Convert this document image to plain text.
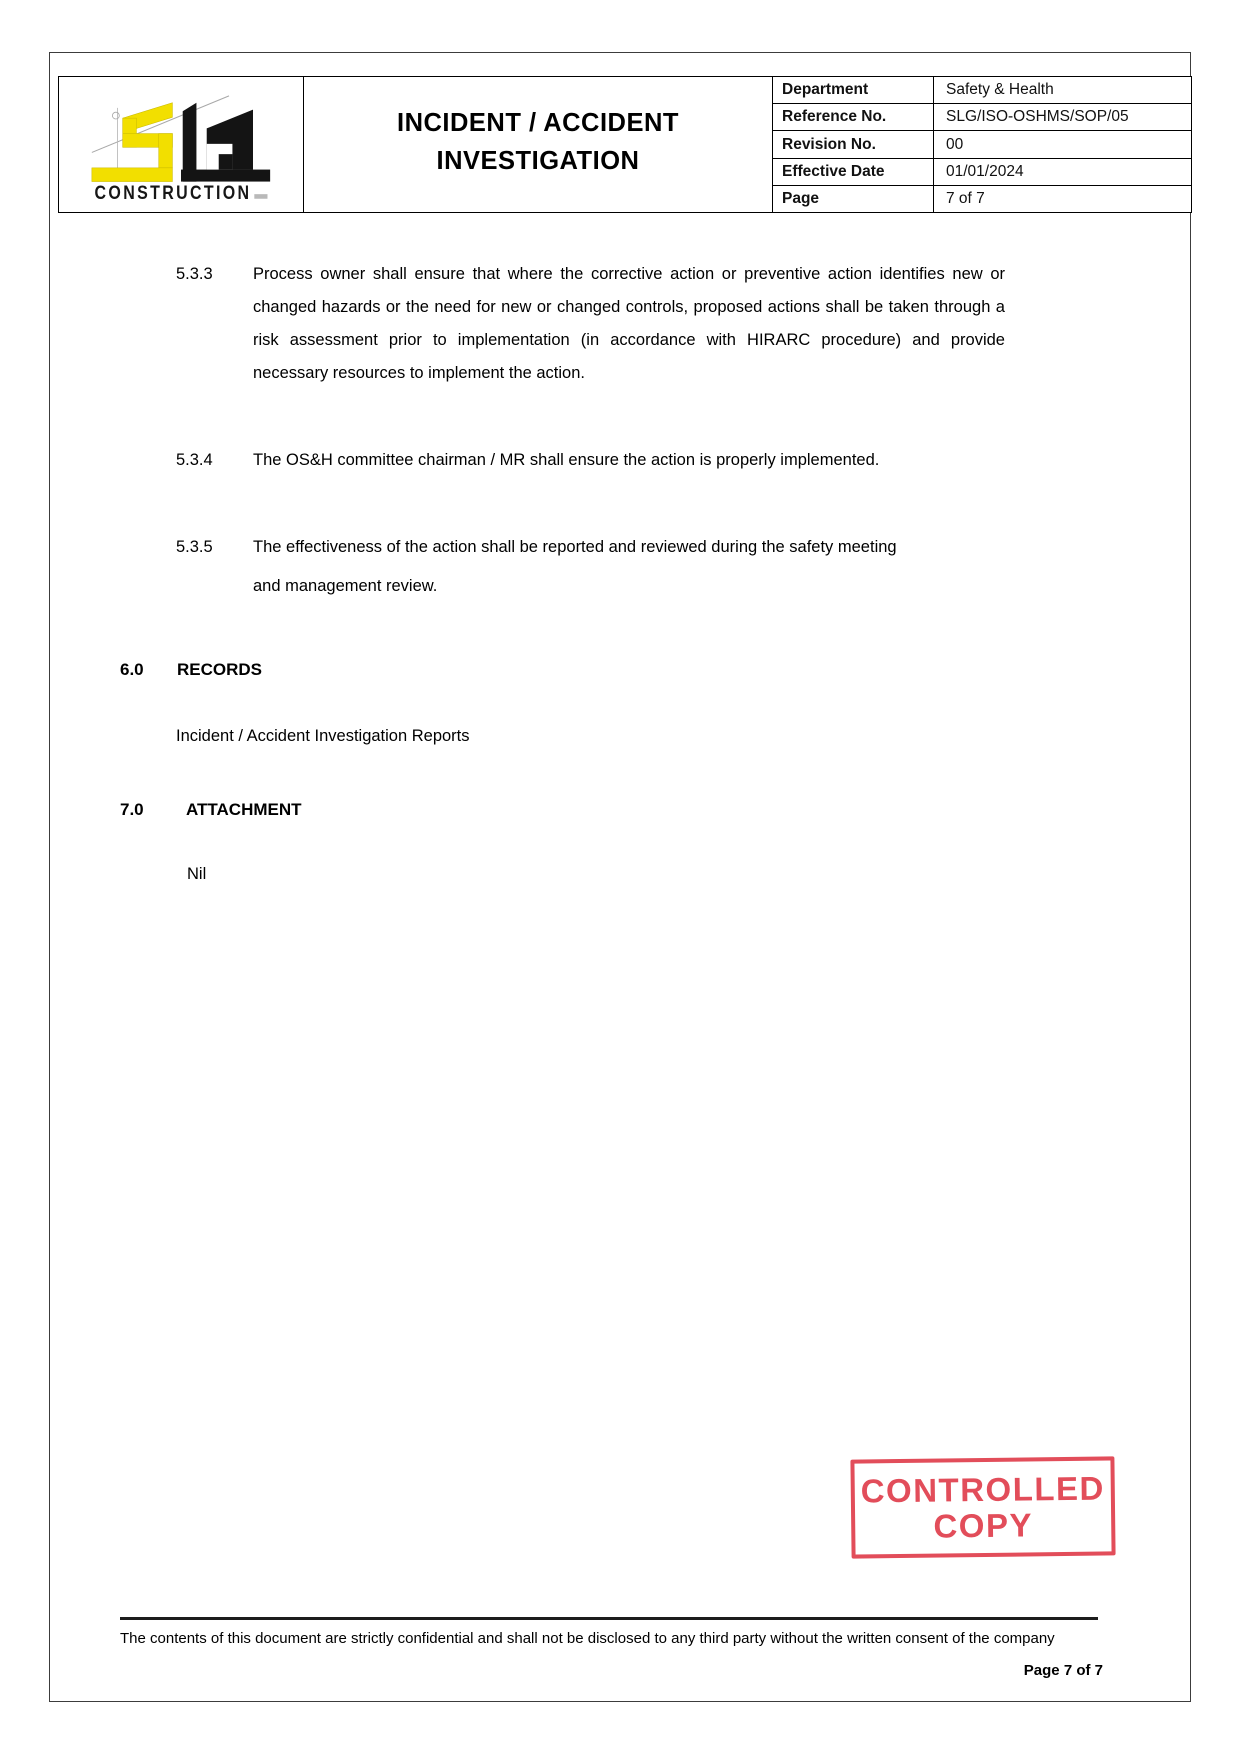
CONSTRUCTION
INCIDENT / ACCIDENT
INVESTIGATION
Department	Safety & Health
Reference No.	SLG/ISO-OSHMS/SOP/05
Revision No.	00
Effective Date	01/01/2024
Page	7 of 7
5.3.3	Process owner shall ensure that where the corrective action or preventive action identifies new or changed hazards or the need for new or changed controls, proposed actions shall be taken through a risk assessment prior to implementation (in accordance with HIRARC procedure) and provide necessary resources to implement the action.
5.3.4	The OS&H committee chairman / MR shall ensure the action is properly implemented.
5.3.5	The effectiveness of the action shall be reported and reviewed during the safety meeting
and management review.
6.0	RECORDS
Incident / Accident Investigation Reports
7.0	ATTACHMENT
Nil
CONTROLLED
COPY
The contents of this document are strictly confidential and shall not be disclosed to any third party without the written consent of the company
Page 7 of 7
